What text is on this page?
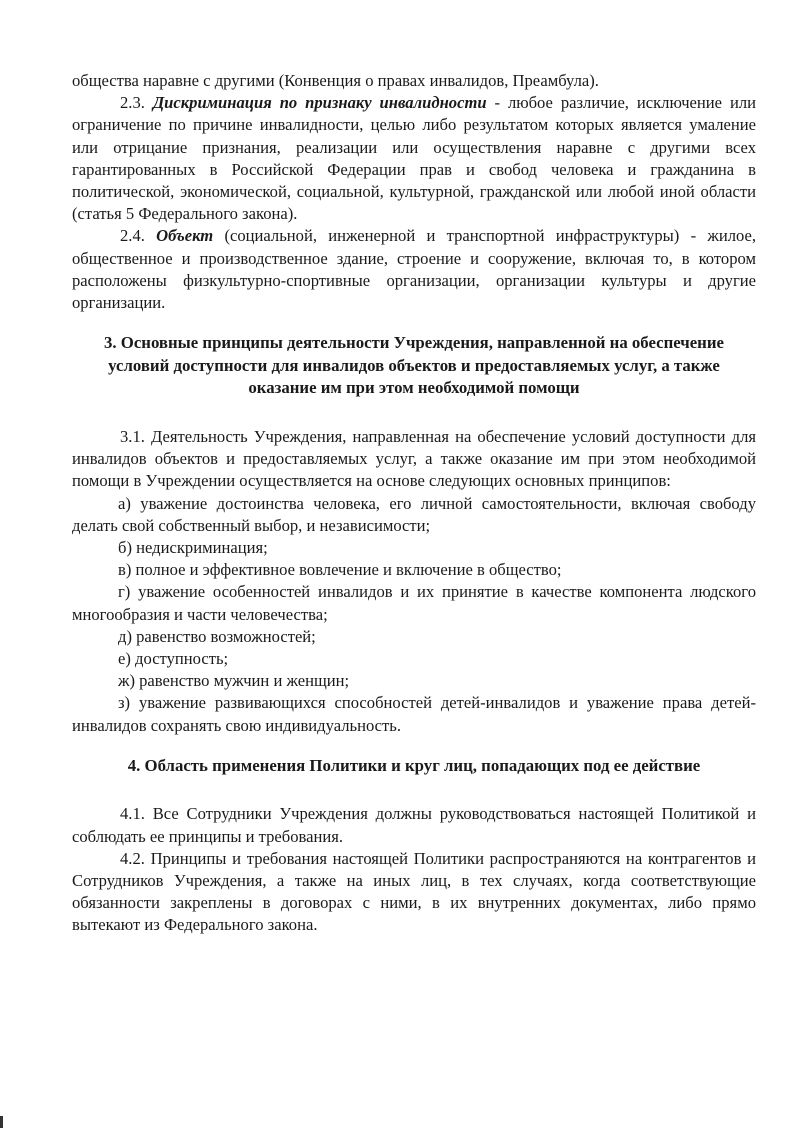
общества наравне с другими (Конвенция о правах инвалидов, Преамбула).

2.3. Дискриминация по признаку инвалидности - любое различие, исключение или ограничение по причине инвалидности, целью либо результатом которых является умаление или отрицание признания, реализации или осуществления наравне с другими всех гарантированных в Российской Федерации прав и свобод человека и гражданина в политической, экономической, социальной, культурной, гражданской или любой иной области (статья 5 Федерального закона).

2.4. Объект (социальной, инженерной и транспортной инфраструктуры) - жилое, общественное и производственное здание, строение и сооружение, включая то, в котором расположены физкультурно-спортивные организации, организации культуры и другие организации.

3. Основные принципы деятельности Учреждения, направленной на обеспечение условий доступности для инвалидов объектов и предоставляемых услуг, а также оказание им при этом необходимой помощи

3.1. Деятельность Учреждения, направленная на обеспечение условий доступности для инвалидов объектов и предоставляемых услуг, а также оказание им при этом необходимой помощи в Учреждении осуществляется на основе следующих основных принципов:

а) уважение достоинства человека, его личной самостоятельности, включая свободу делать свой собственный выбор, и независимости;

б) недискриминация;

в) полное и эффективное вовлечение и включение в общество;

г) уважение особенностей инвалидов и их принятие в качестве компонента людского многообразия и части человечества;

д) равенство возможностей;

е) доступность;

ж) равенство мужчин и женщин;

з) уважение развивающихся способностей детей-инвалидов и уважение права детей-инвалидов сохранять свою индивидуальность.

4. Область применения Политики и круг лиц, попадающих под ее действие

4.1. Все Сотрудники Учреждения должны руководствоваться настоящей Политикой и соблюдать ее принципы и требования.

4.2. Принципы и требования настоящей Политики распространяются на контрагентов и Сотрудников Учреждения, а также на иных лиц, в тех случаях, когда соответствующие обязанности закреплены в договорах с ними, в их внутренних документах, либо прямо вытекают из Федерального закона.
